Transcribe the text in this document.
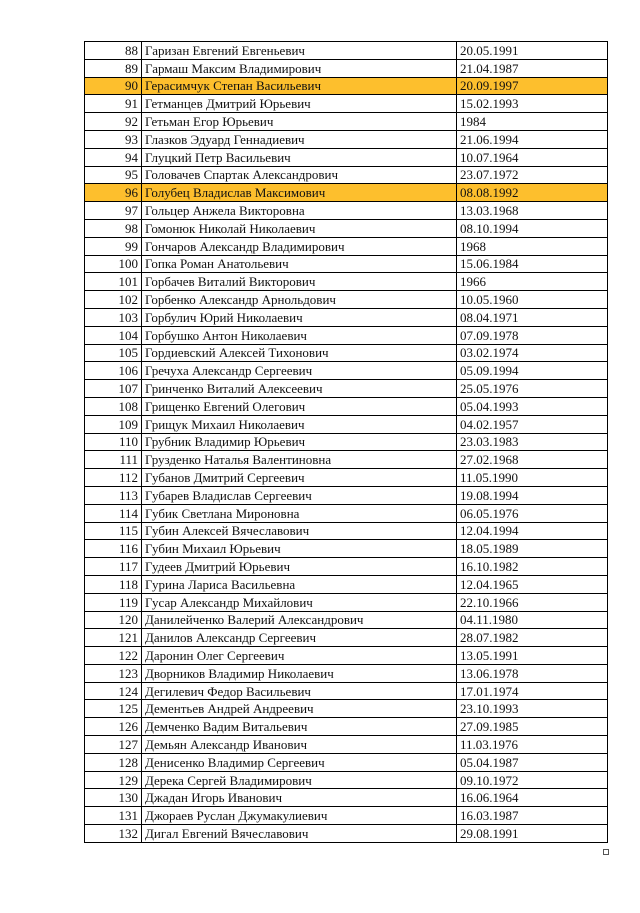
88	Гаризан Евгений Евгеньевич	20.05.1991
89	Гармаш Максим Владимирович	21.04.1987
90	Герасимчук Степан Васильевич	20.09.1997
91	Гетманцев Дмитрий Юрьевич	15.02.1993
92	Гетьман Егор Юрьевич	1984
93	Глазков Эдуард Геннадиевич	21.06.1994
94	Глуцкий Петр Васильевич	10.07.1964
95	Головачев Спартак Александрович	23.07.1972
96	Голубец Владислав Максимович	08.08.1992
97	Гольцер Анжела Викторовна	13.03.1968
98	Гомонюк Николай Николаевич	08.10.1994
99	Гончаров Александр Владимирович	1968
100	Гопка Роман Анатольевич	15.06.1984
101	Горбачев Виталий Викторович	1966
102	Горбенко Александр Арнольдович	10.05.1960
103	Горбулич Юрий Николаевич	08.04.1971
104	Горбушко Антон Николаевич	07.09.1978
105	Гордиевский Алексей Тихонович	03.02.1974
106	Гречуха Александр Сергеевич	05.09.1994
107	Гринченко Виталий Алексеевич	25.05.1976
108	Грищенко Евгений Олегович	05.04.1993
109	Грищук Михаил Николаевич	04.02.1957
110	Грубник Владимир Юрьевич	23.03.1983
111	Грузденко Наталья Валентиновна	27.02.1968
112	Губанов Дмитрий Сергеевич	11.05.1990
113	Губарев Владислав Сергеевич	19.08.1994
114	Губик Светлана Мироновна	06.05.1976
115	Губин Алексей Вячеславович	12.04.1994
116	Губин Михаил Юрьевич	18.05.1989
117	Гудеев Дмитрий Юрьевич	16.10.1982
118	Гурина Лариса Васильевна	12.04.1965
119	Гусар Александр Михайлович	22.10.1966
120	Данилейченко Валерий Александрович	04.11.1980
121	Данилов Александр Сергеевич	28.07.1982
122	Даронин Олег Сергеевич	13.05.1991
123	Дворников Владимир Николаевич	13.06.1978
124	Дегилевич Федор Васильевич	17.01.1974
125	Дементьев Андрей Андреевич	23.10.1993
126	Демченко Вадим Витальевич	27.09.1985
127	Демьян Александр Иванович	11.03.1976
128	Денисенко Владимир Сергеевич	05.04.1987
129	Дерека Сергей Владимирович	09.10.1972
130	Джадан Игорь Иванович	16.06.1964
131	Джораев Руслан Джумакулиевич	16.03.1987
132	Дигал Евгений Вячеславович	29.08.1991
